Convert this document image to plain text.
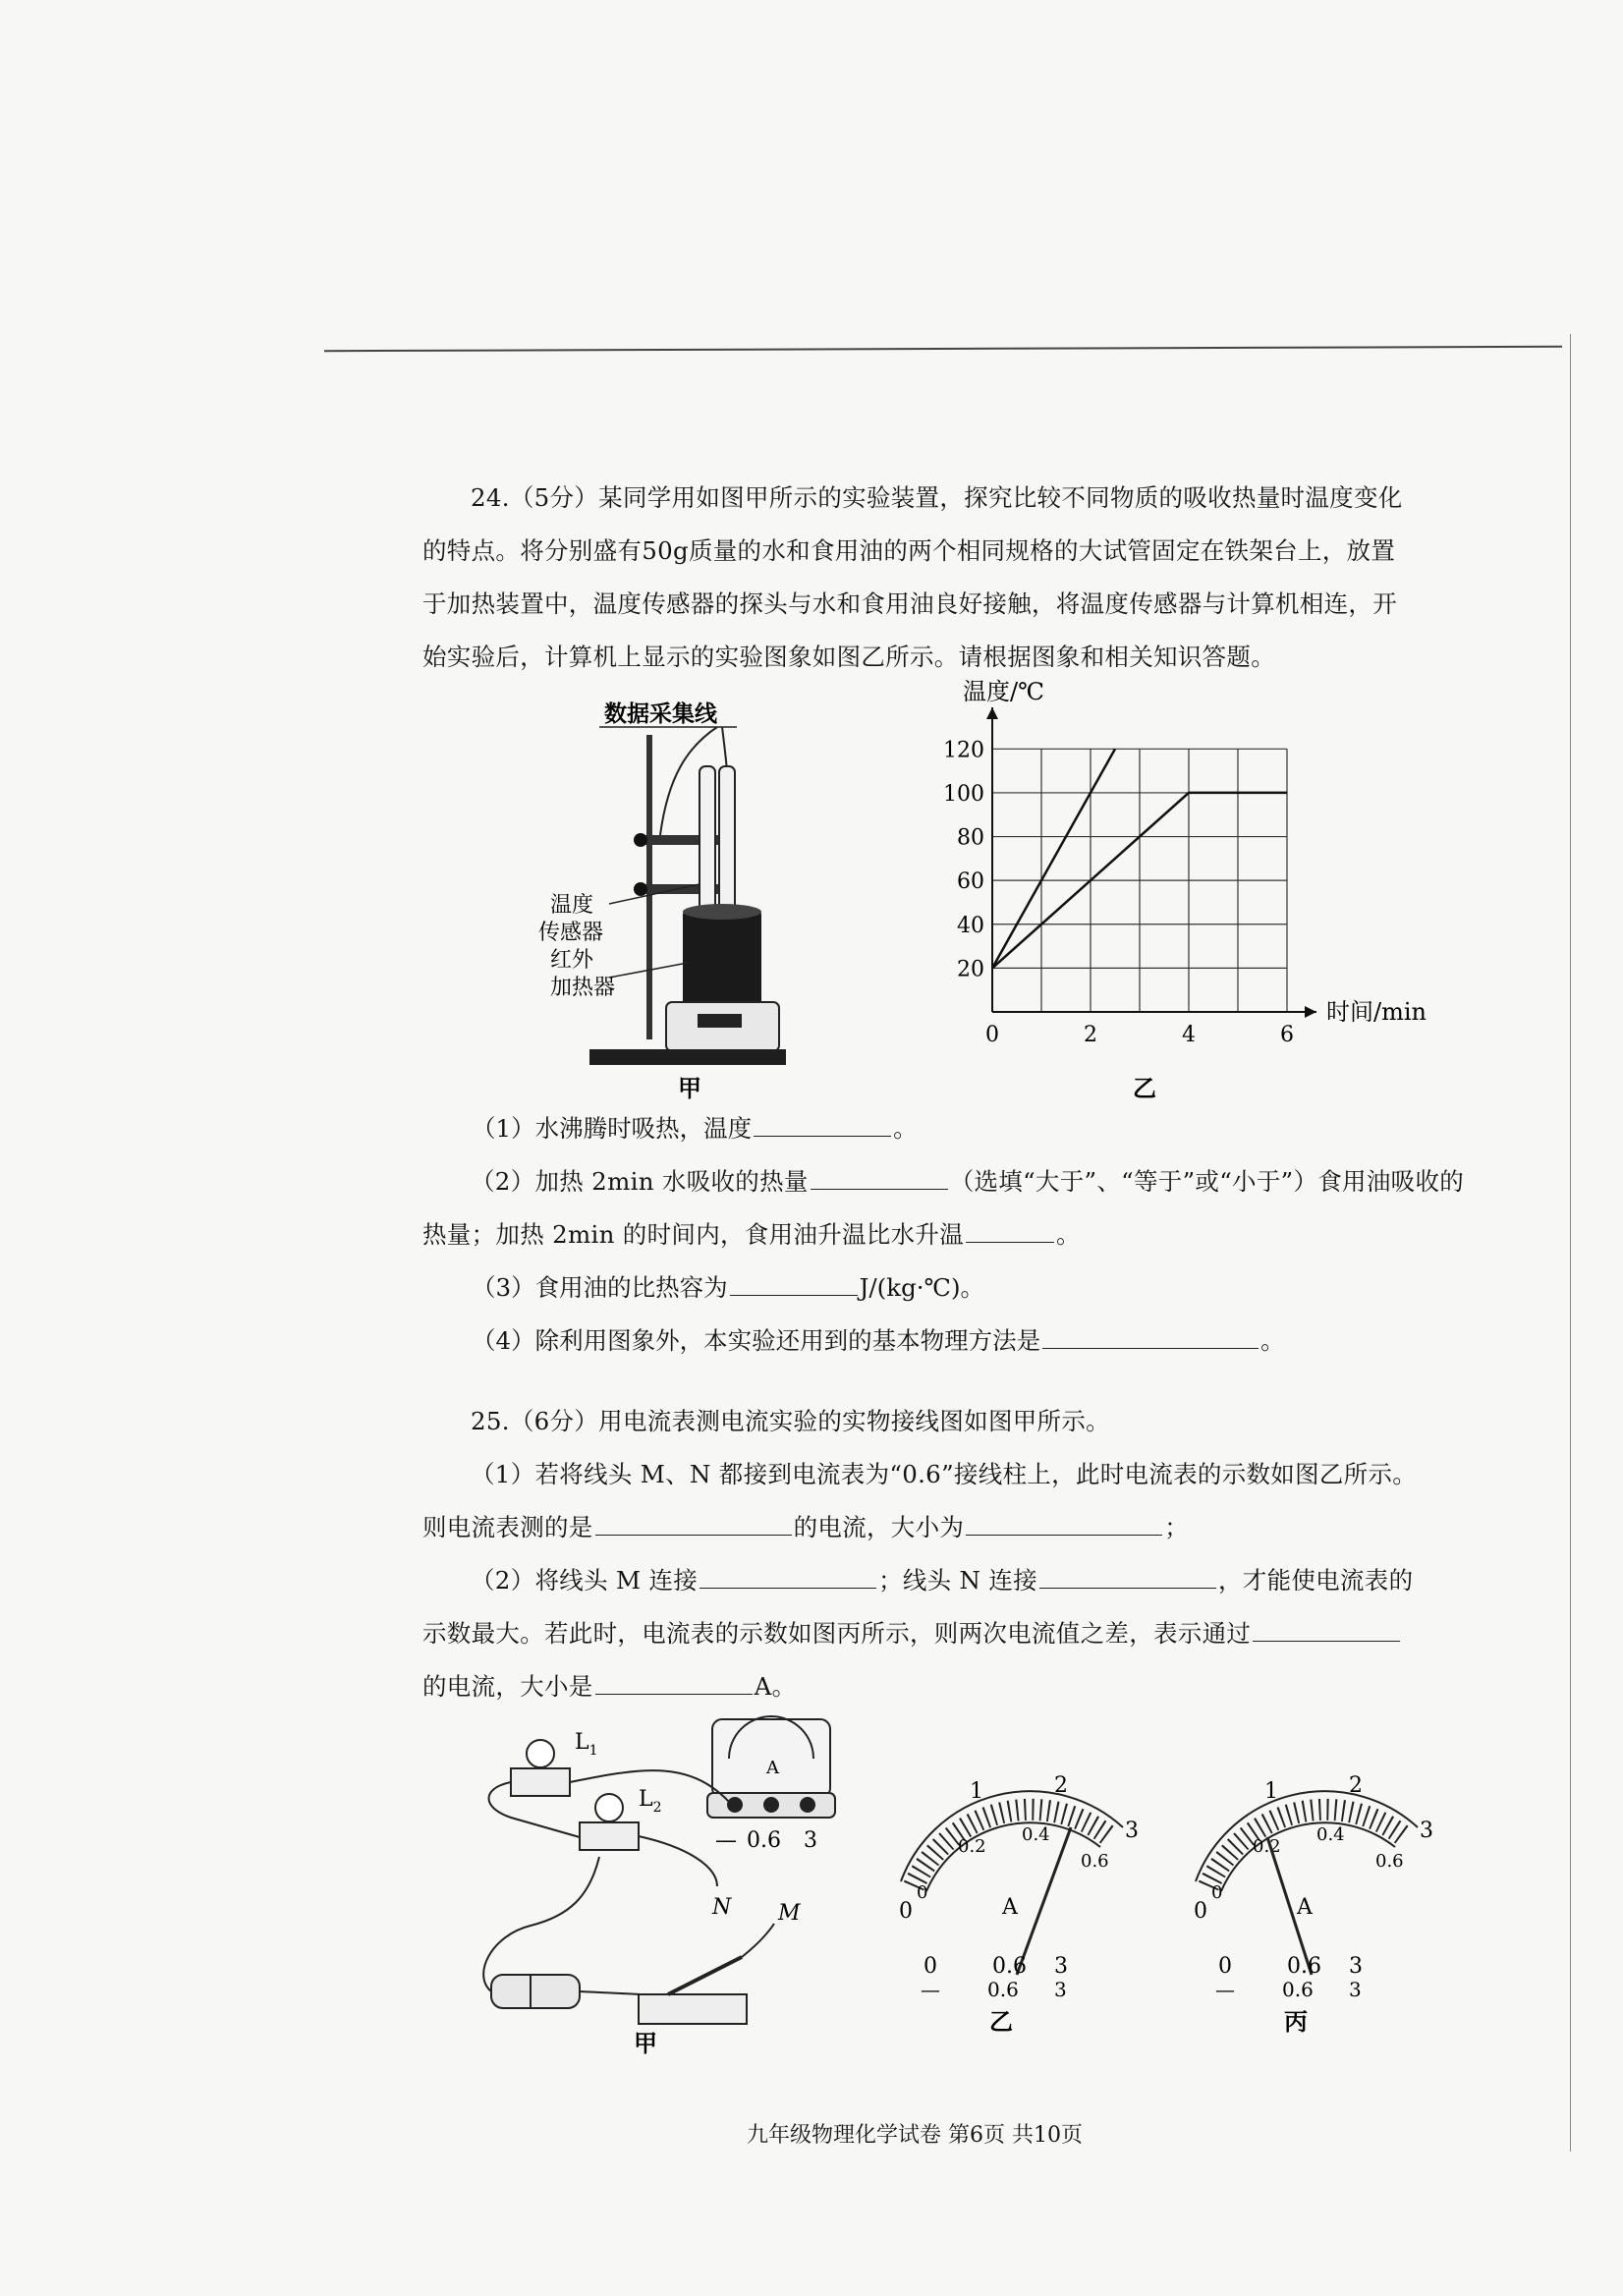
24.（5分）某同学用如图甲所示的实验装置，探究比较不同物质的吸收热量时温度变化

的特点。将分别盛有50g质量的水和食用油的两个相同规格的大试管固定在铁架台上，放置

于加热装置中，温度传感器的探头与水和食用油良好接触，将温度传感器与计算机相连，开

始实验后，计算机上显示的实验图象如图乙所示。请根据图象和相关知识答题。

数据采集线
温度
传感器
红外
加热器
甲
20
40
60
80
100
120
0	2	4	6
温度/℃
时间/min
乙
（1）水沸腾时吸热，温度	。

（2）加热 2min 水吸收的热量	（选填“大于”、“等于”或“小于”）食用油吸收的

热量；加热 2min 的时间内，食用油升温比水升温	。

（3）食用油的比热容为	J/(kg·℃)。
（4）除利用图象外，本实验还用到的基本物理方法是	。

25.（6分）用电流表测电流实验的实物接线图如图甲所示。

（1）若将线头 M、N 都接到电流表为“0.6”接线柱上，此时电流表的示数如图乙所示。

则电流表测的是	的电流，大小为	；

（2）将线头 M 连接	；线头 N 连接	，才能使电流表的

示数最大。若此时，电流表的示数如图丙所示，则两次电流值之差，表示通过

的电流，大小是	A。

A
— 0.6 3
$L_1$
$L_2$
N M
甲
0
1	2
3
0
0.2
0.4
0.6
A
0	0.6 3
— 0.6 3
乙
0
1	2
3
0
0.2
0.4
0.6
A
0	0.6 3
— 0.6 3
丙
九年级物理化学试卷 第6页 共10页
